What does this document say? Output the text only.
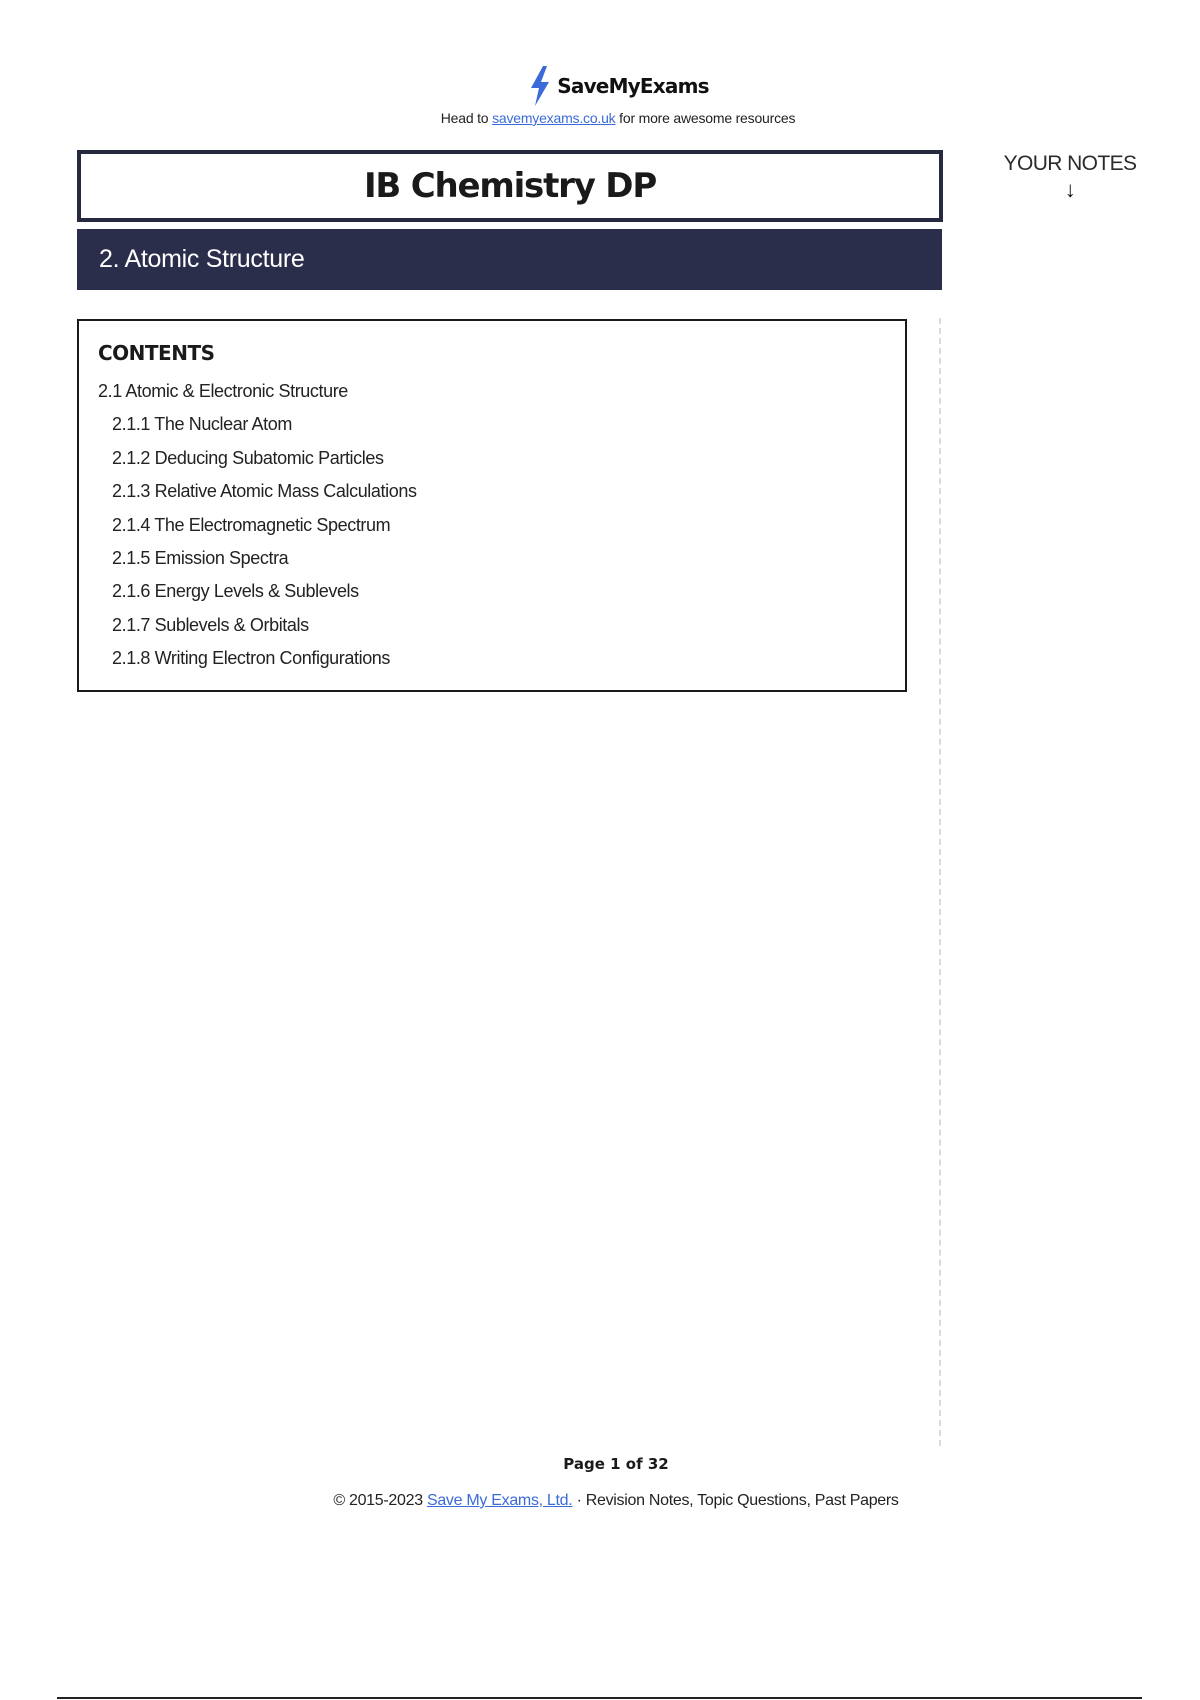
SaveMyExams
Head to savemyexams.co.uk for more awesome resources
IB Chemistry DP
2. Atomic Structure
YOUR NOTES
↓
CONTENTS
2.1 Atomic & Electronic Structure
2.1.1 The Nuclear Atom
2.1.2 Deducing Subatomic Particles
2.1.3 Relative Atomic Mass Calculations
2.1.4 The Electromagnetic Spectrum
2.1.5 Emission Spectra
2.1.6 Energy Levels & Sublevels
2.1.7 Sublevels & Orbitals
2.1.8 Writing Electron Configurations
Page 1 of 32
© 2015-2023 Save My Exams, Ltd. · Revision Notes, Topic Questions, Past Papers
